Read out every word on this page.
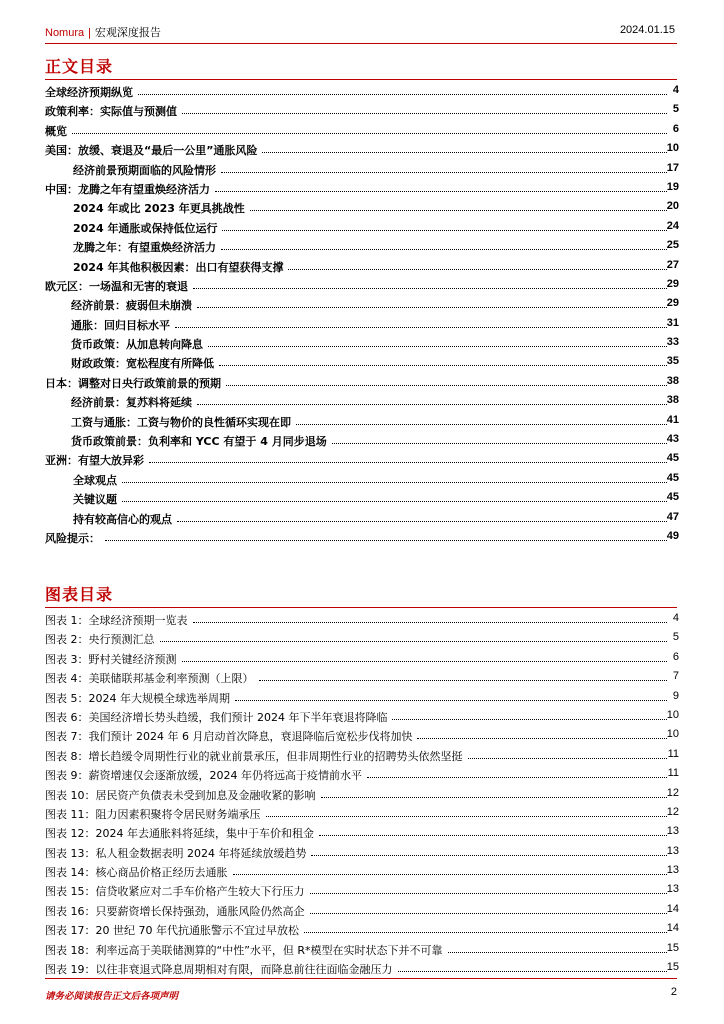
Nomura | 宏观深度报告	2024.01.15
正文目录
全球经济预期纵览	4
政策利率：实际值与预测值	5
概览	6
美国：放缓、衰退及“最后一公里”通胀风险	10
经济前景预期面临的风险情形	17
中国：龙腾之年有望重焕经济活力	19
2024 年或比 2023 年更具挑战性	20
2024 年通胀或保持低位运行	24
龙腾之年：有望重焕经济活力	25
2024 年其他积极因素：出口有望获得支撑	27
欧元区：一场温和无害的衰退	29
经济前景：疲弱但未崩溃	29
通胀：回归目标水平	31
货币政策：从加息转向降息	33
财政政策：宽松程度有所降低	35
日本：调整对日央行政策前景的预期	38
经济前景：复苏料将延续	38
工资与通胀：工资与物价的良性循环实现在即	41
货币政策前景：负利率和 YCC 有望于 4 月同步退场	43
亚洲：有望大放异彩	45
全球观点	45
关键议题	45
持有较高信心的观点	47
风险提示：	49
图表目录
图表 1：全球经济预期一览表	4
图表 2：央行预测汇总	5
图表 3：野村关键经济预测	6
图表 4：美联储联邦基金利率预测（上限）	7
图表 5：2024 年大规模全球选举周期	9
图表 6：美国经济增长势头趋缓，我们预计 2024 年下半年衰退将降临	10
图表 7：我们预计 2024 年 6 月启动首次降息，衰退降临后宽松步伐将加快	10
图表 8：增长趋缓令周期性行业的就业前景承压，但非周期性行业的招聘势头依然坚挺	11
图表 9：薪资增速仅会逐渐放缓，2024 年仍将远高于疫情前水平	11
图表 10：居民资产负债表未受到加息及金融收紧的影响	12
图表 11：阻力因素积聚将令居民财务端承压	12
图表 12：2024 年去通胀料将延续，集中于车价和租金	13
图表 13：私人租金数据表明 2024 年将延续放缓趋势	13
图表 14：核心商品价格正经历去通胀	13
图表 15：信贷收紧应对二手车价格产生较大下行压力	13
图表 16：只要薪资增长保持强劲，通胀风险仍然高企	14
图表 17：20 世纪 70 年代抗通胀警示不宜过早放松	14
图表 18：利率远高于美联储测算的“中性”水平，但 R*模型在实时状态下并不可靠	15
图表 19：以往非衰退式降息周期相对有限，而降息前往往面临金融压力	15
请务必阅读报告正文后各项声明	2
